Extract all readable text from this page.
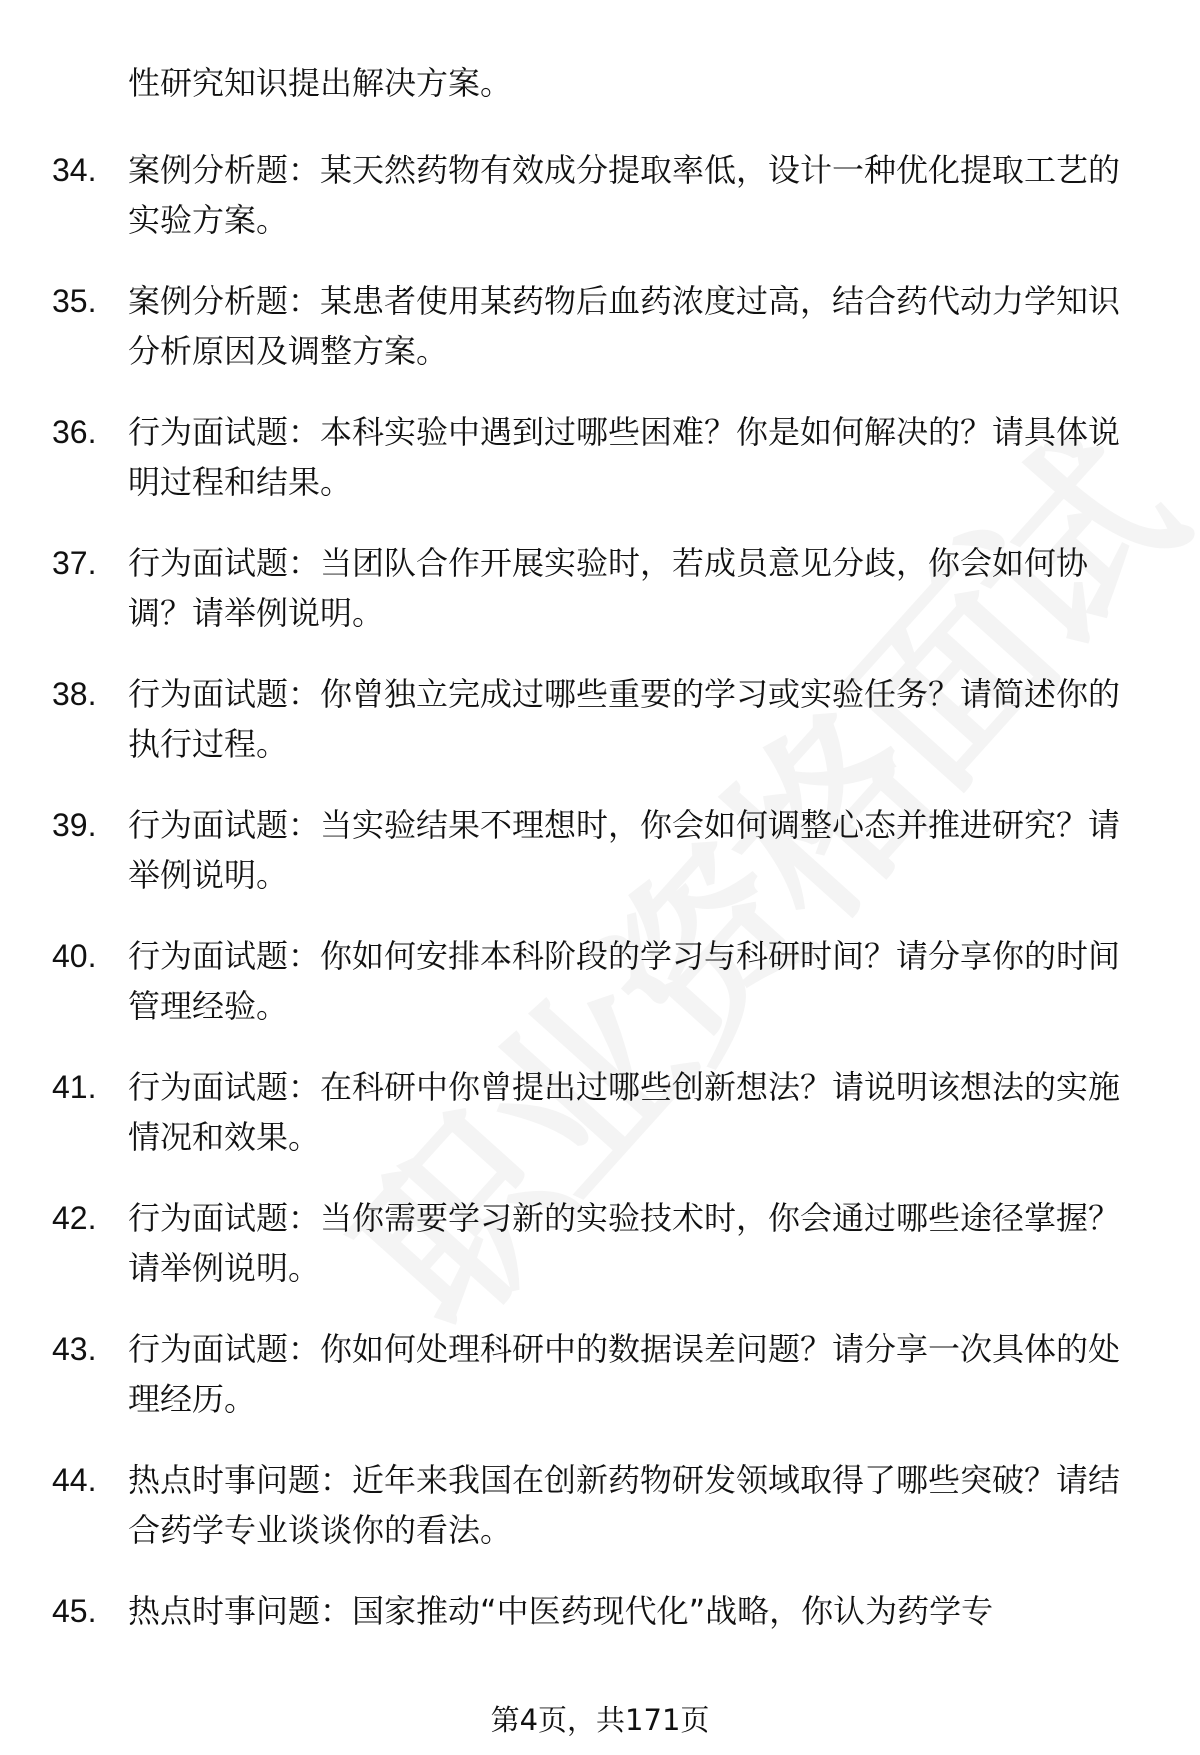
性研究知识提出解决方案。
34. 案例分析题：某天然药物有效成分提取率低，设计一种优化提取工艺的实验方案。
35. 案例分析题：某患者使用某药物后血药浓度过高，结合药代动力学知识分析原因及调整方案。
36. 行为面试题：本科实验中遇到过哪些困难？你是如何解决的？请具体说明过程和结果。
37. 行为面试题：当团队合作开展实验时，若成员意见分歧，你会如何协调？请举例说明。
38. 行为面试题：你曾独立完成过哪些重要的学习或实验任务？请简述你的执行过程。
39. 行为面试题：当实验结果不理想时，你会如何调整心态并推进研究？请举例说明。
40. 行为面试题：你如何安排本科阶段的学习与科研时间？请分享你的时间管理经验。
41. 行为面试题：在科研中你曾提出过哪些创新想法？请说明该想法的实施情况和效果。
42. 行为面试题：当你需要学习新的实验技术时，你会通过哪些途径掌握？请举例说明。
43. 行为面试题：你如何处理科研中的数据误差问题？请分享一次具体的处理经历。
44. 热点时事问题：近年来我国在创新药物研发领域取得了哪些突破？请结合药学专业谈谈你的看法。
45. 热点时事问题：国家推动“中医药现代化”战略，你认为药学专
第4页，共171页
